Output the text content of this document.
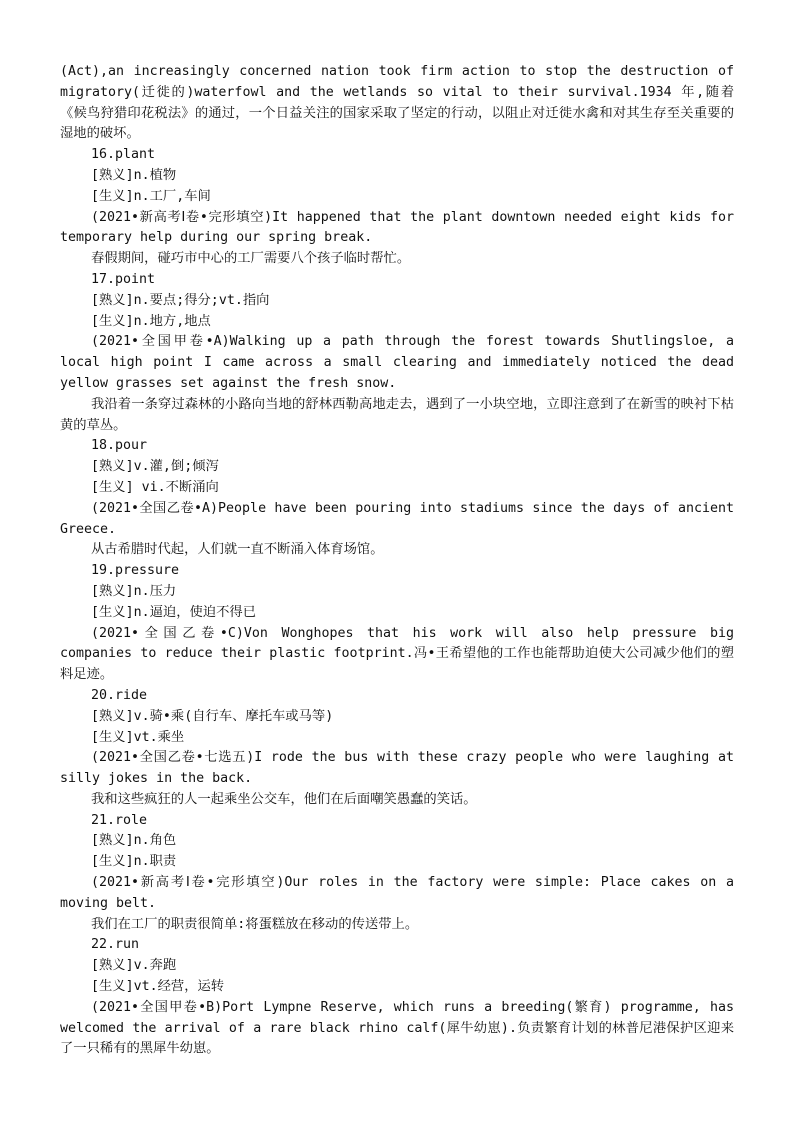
(Act),an increasingly concerned nation took firm action to stop the destruction of migratory(迁徙的)waterfowl and the wetlands so vital to their survival.1934 年,随着《候鸟狩猎印花税法》的通过，一个日益关注的国家采取了坚定的行动，以阻止对迁徙水禽和对其生存至关重要的湿地的破坏。
16.plant
[熟义]n.植物
[生义]n.工厂,车间
(2021•新高考Ⅰ卷•完形填空)It happened that the plant downtown needed eight kids for temporary help during our spring break.
春假期间，碰巧市中心的工厂需要八个孩子临时帮忙。
17.point
[熟义]n.要点;得分;vt.指向
[生义]n.地方,地点
(2021•全国甲卷•A)Walking up a path through the forest towards Shutlingsloe, a local high point I came across a small clearing and immediately noticed the dead yellow grasses set against the fresh snow.
我沿着一条穿过森林的小路向当地的舒林西勒高地走去，遇到了一小块空地，立即注意到了在新雪的映衬下枯黄的草丛。
18.pour
[熟义]v.灌,倒;倾泻
[生义] vi.不断涌向
(2021•全国乙卷•A)People have been pouring into stadiums since the days of ancient Greece.
从古希腊时代起，人们就一直不断涌入体育场馆。
19.pressure
[熟义]n.压力
[生义]n.逼迫，使迫不得已
(2021•全国乙卷•C)Von Wonghopes that his work will also help pressure big companies to reduce their plastic footprint.冯•王希望他的工作也能帮助迫使大公司减少他们的塑料足迹。
20.ride
[熟义]v.骑•乘(自行车、摩托车或马等)
[生义]vt.乘坐
(2021•全国乙卷•七选五)I rode the bus with these crazy people who were laughing at silly jokes in the back.
我和这些疯狂的人一起乘坐公交车，他们在后面嘲笑愚蠢的笑话。
21.role
[熟义]n.角色
[生义]n.职责
(2021•新高考Ⅰ卷•完形填空)Our roles in the factory were simple: Place cakes on a moving belt.
我们在工厂的职责很简单:将蛋糕放在移动的传送带上。
22.run
[熟义]v.奔跑
[生义]vt.经营，运转
(2021•全国甲卷•B)Port Lympne Reserve, which runs a breeding(繁育) programme, has welcomed the arrival of a rare black rhino calf(犀牛幼崽).负责繁育计划的林普尼港保护区迎来了一只稀有的黑犀牛幼崽。
